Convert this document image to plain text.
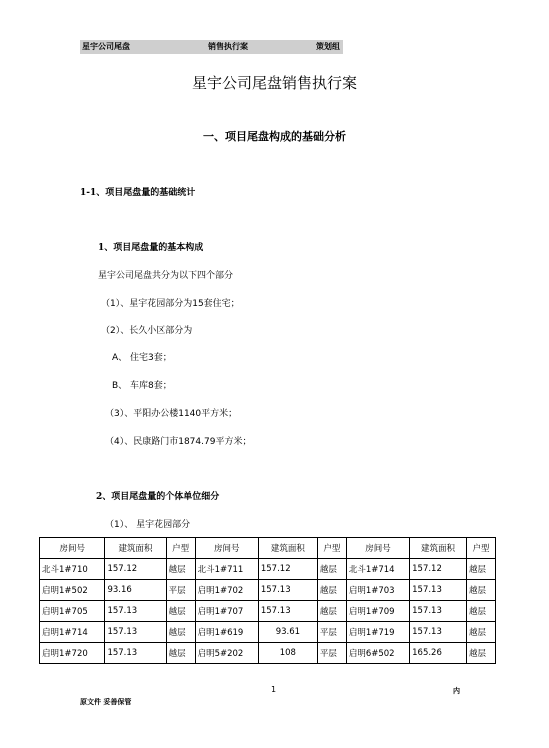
星宇公司尾盘	销售执行案	策划组
星宇公司尾盘销售执行案
一、项目尾盘构成的基础分析
1-1、项目尾盘量的基础统计
1、项目尾盘量的基本构成
星宇公司尾盘共分为以下四个部分
（1）、星宇花园部分为15套住宅；
（2）、长久小区部分为
A、 住宅3套；
B、 车库8套；
（3）、平阳办公楼1140平方米；
（4）、民康路门市1874.79平方米；
2、项目尾盘量的个体单位细分
（1）、 星宇花园部分
房间号	建筑面积	户型	房间号	建筑面积	户型	房间号	建筑面积	户型
北斗1#710	157.12	越层	北斗1#711	157.12	越层	北斗1#714	157.12	越层
启明1#502	93.16	平层	启明1#702	157.13	越层	启明1#703	157.13	越层
启明1#705	157.13	越层	启明1#707	157.13	越层	启明1#709	157.13	越层
启明1#714	157.13	越层	启明1#619	93.61	平层	启明1#719	157.13	越层
启明1#720	157.13	越层	启明5#202	108	平层	启明6#502	165.26	越层
1	内
原文件 妥善保管
